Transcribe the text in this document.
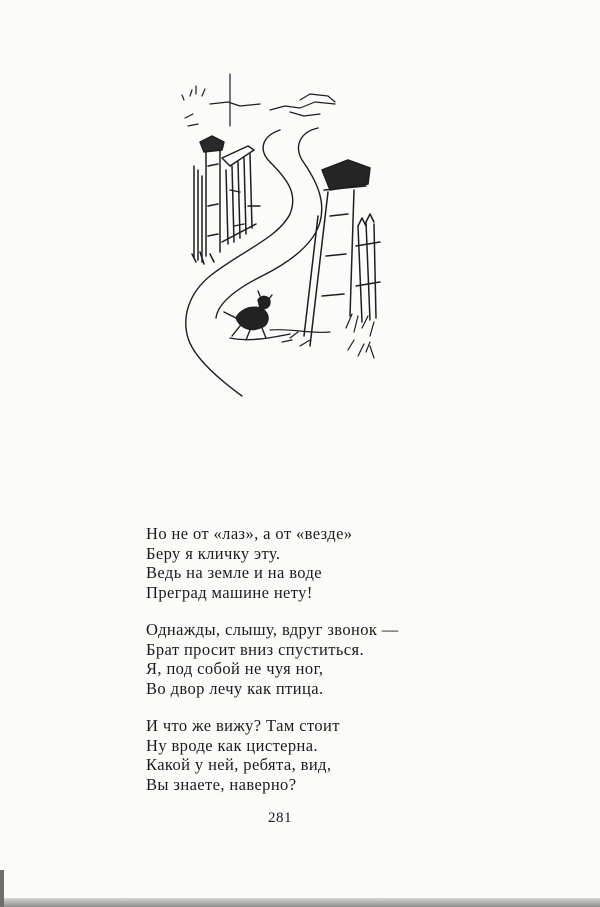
Но не от «лаз», а от «везде»
Беру я кличку эту.
Ведь на земле и на воде
Преград машине нету!
Однажды, слышу, вдруг звонок —
Брат просит вниз спуститься.
Я, под собой не чуя ног,
Во двор лечу как птица.
И что же вижу? Там стоит
Ну вроде как цистерна.
Какой у ней, ребята, вид,
Вы знаете, наверно?
281
